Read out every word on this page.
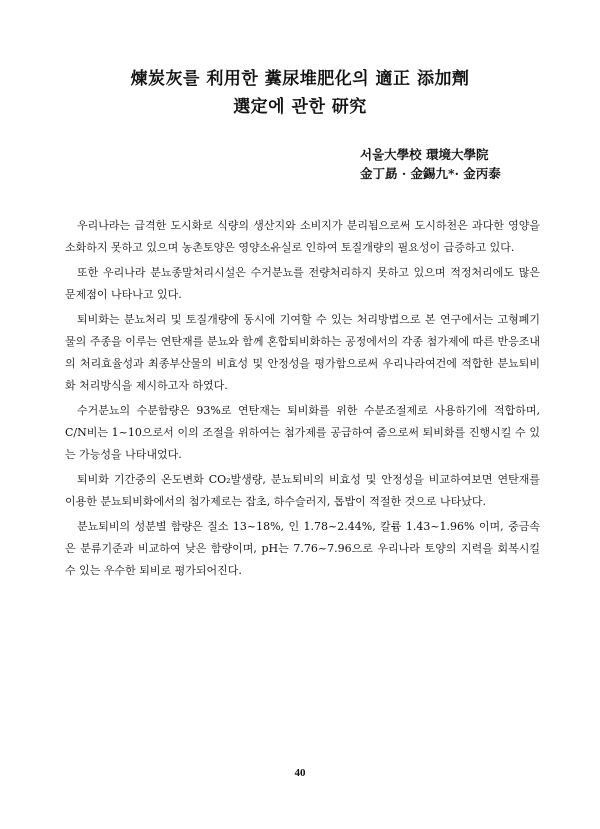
煉炭灰를 利用한 糞尿堆肥化의 適正 添加劑
選定에 관한 研究

서울大學校 環境大學院

金丁勗 · 金錫九*· 金丙泰

우리나라는 급격한 도시화로 식량의 생산지와 소비지가 분리됨으로써 도시하천은 과다한 영양을 소화하지 못하고 있으며 농촌토양은 영양소유실로 인하여 토질개량의 필요성이 급증하고 있다.

또한 우리나라 분뇨종말처리시설은 수거분뇨를 전량처리하지 못하고 있으며 적정처리에도 많은 문제점이 나타나고 있다.

퇴비화는 분뇨처리 및 토질개량에 동시에 기여할 수 있는 처리방법으로 본 연구에서는 고형폐기물의 주종을 이루는 연탄재를 분뇨와 함께 혼합퇴비화하는 공정에서의 각종 첨가제에 따른 반응조내의 처리효율성과 최종부산물의 비효성 및 안정성을 평가함으로써 우리나라여건에 적합한 분뇨퇴비화 처리방식을 제시하고자 하였다.

수거분뇨의 수분함량은 93%로 연탄재는 퇴비화를 위한 수분조절제로 사용하기에 적합하며, C/N비는 1~10으로서 이의 조절을 위하여는 첨가제를 공급하여 줌으로써 퇴비화를 진행시킬 수 있는 가능성을 나타내었다.

퇴비화 기간중의 온도변화 CO₂발생량, 분뇨퇴비의 비효성 및 안정성을 비교하여보면 연탄재를 이용한 분뇨퇴비화에서의 첨가제로는 잡초, 하수슬러지, 톱밥이 적절한 것으로 나타났다.

분뇨퇴비의 성분별 함량은 질소 13~18%, 인 1.78~2.44%, 칼륨 1.43~1.96% 이며, 중금속은 분류기준과 비교하여 낮은 함량이며, pH는 7.76~7.96으로 우리나라 토양의 지력을 회복시킬 수 있는 우수한 퇴비로 평가되어진다.

40
